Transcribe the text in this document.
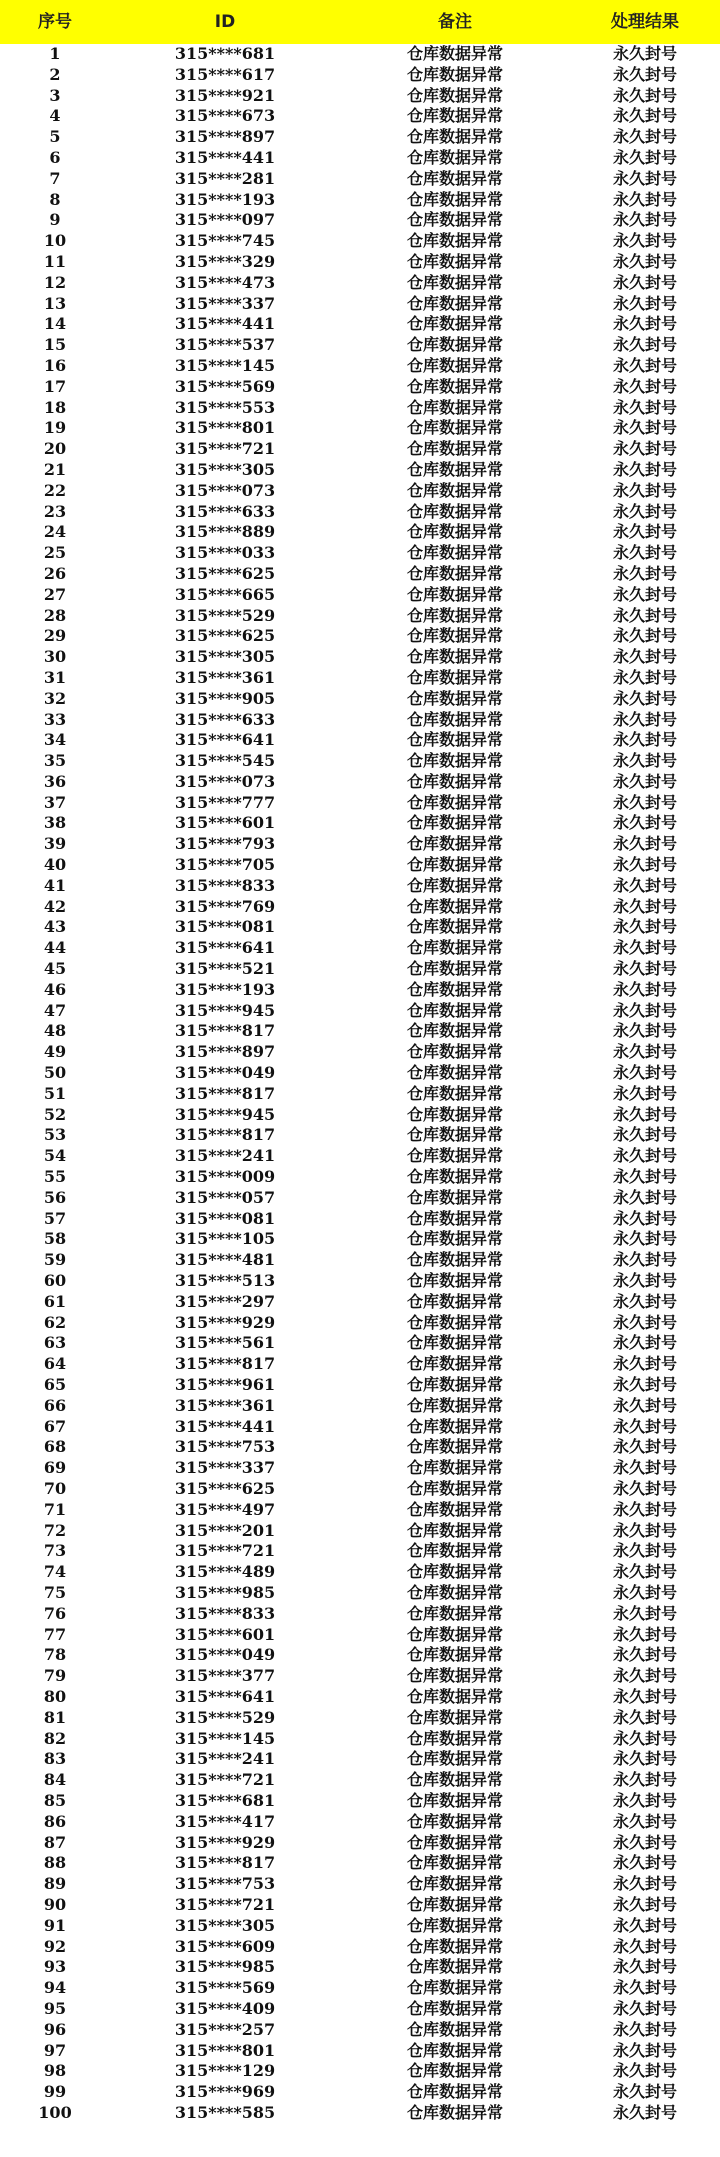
序号	ID	备注	处理结果
1	315****681	仓库数据异常	永久封号
2	315****617	仓库数据异常	永久封号
3	315****921	仓库数据异常	永久封号
4	315****673	仓库数据异常	永久封号
5	315****897	仓库数据异常	永久封号
6	315****441	仓库数据异常	永久封号
7	315****281	仓库数据异常	永久封号
8	315****193	仓库数据异常	永久封号
9	315****097	仓库数据异常	永久封号
10	315****745	仓库数据异常	永久封号
11	315****329	仓库数据异常	永久封号
12	315****473	仓库数据异常	永久封号
13	315****337	仓库数据异常	永久封号
14	315****441	仓库数据异常	永久封号
15	315****537	仓库数据异常	永久封号
16	315****145	仓库数据异常	永久封号
17	315****569	仓库数据异常	永久封号
18	315****553	仓库数据异常	永久封号
19	315****801	仓库数据异常	永久封号
20	315****721	仓库数据异常	永久封号
21	315****305	仓库数据异常	永久封号
22	315****073	仓库数据异常	永久封号
23	315****633	仓库数据异常	永久封号
24	315****889	仓库数据异常	永久封号
25	315****033	仓库数据异常	永久封号
26	315****625	仓库数据异常	永久封号
27	315****665	仓库数据异常	永久封号
28	315****529	仓库数据异常	永久封号
29	315****625	仓库数据异常	永久封号
30	315****305	仓库数据异常	永久封号
31	315****361	仓库数据异常	永久封号
32	315****905	仓库数据异常	永久封号
33	315****633	仓库数据异常	永久封号
34	315****641	仓库数据异常	永久封号
35	315****545	仓库数据异常	永久封号
36	315****073	仓库数据异常	永久封号
37	315****777	仓库数据异常	永久封号
38	315****601	仓库数据异常	永久封号
39	315****793	仓库数据异常	永久封号
40	315****705	仓库数据异常	永久封号
41	315****833	仓库数据异常	永久封号
42	315****769	仓库数据异常	永久封号
43	315****081	仓库数据异常	永久封号
44	315****641	仓库数据异常	永久封号
45	315****521	仓库数据异常	永久封号
46	315****193	仓库数据异常	永久封号
47	315****945	仓库数据异常	永久封号
48	315****817	仓库数据异常	永久封号
49	315****897	仓库数据异常	永久封号
50	315****049	仓库数据异常	永久封号
51	315****817	仓库数据异常	永久封号
52	315****945	仓库数据异常	永久封号
53	315****817	仓库数据异常	永久封号
54	315****241	仓库数据异常	永久封号
55	315****009	仓库数据异常	永久封号
56	315****057	仓库数据异常	永久封号
57	315****081	仓库数据异常	永久封号
58	315****105	仓库数据异常	永久封号
59	315****481	仓库数据异常	永久封号
60	315****513	仓库数据异常	永久封号
61	315****297	仓库数据异常	永久封号
62	315****929	仓库数据异常	永久封号
63	315****561	仓库数据异常	永久封号
64	315****817	仓库数据异常	永久封号
65	315****961	仓库数据异常	永久封号
66	315****361	仓库数据异常	永久封号
67	315****441	仓库数据异常	永久封号
68	315****753	仓库数据异常	永久封号
69	315****337	仓库数据异常	永久封号
70	315****625	仓库数据异常	永久封号
71	315****497	仓库数据异常	永久封号
72	315****201	仓库数据异常	永久封号
73	315****721	仓库数据异常	永久封号
74	315****489	仓库数据异常	永久封号
75	315****985	仓库数据异常	永久封号
76	315****833	仓库数据异常	永久封号
77	315****601	仓库数据异常	永久封号
78	315****049	仓库数据异常	永久封号
79	315****377	仓库数据异常	永久封号
80	315****641	仓库数据异常	永久封号
81	315****529	仓库数据异常	永久封号
82	315****145	仓库数据异常	永久封号
83	315****241	仓库数据异常	永久封号
84	315****721	仓库数据异常	永久封号
85	315****681	仓库数据异常	永久封号
86	315****417	仓库数据异常	永久封号
87	315****929	仓库数据异常	永久封号
88	315****817	仓库数据异常	永久封号
89	315****753	仓库数据异常	永久封号
90	315****721	仓库数据异常	永久封号
91	315****305	仓库数据异常	永久封号
92	315****609	仓库数据异常	永久封号
93	315****985	仓库数据异常	永久封号
94	315****569	仓库数据异常	永久封号
95	315****409	仓库数据异常	永久封号
96	315****257	仓库数据异常	永久封号
97	315****801	仓库数据异常	永久封号
98	315****129	仓库数据异常	永久封号
99	315****969	仓库数据异常	永久封号
100	315****585	仓库数据异常	永久封号
